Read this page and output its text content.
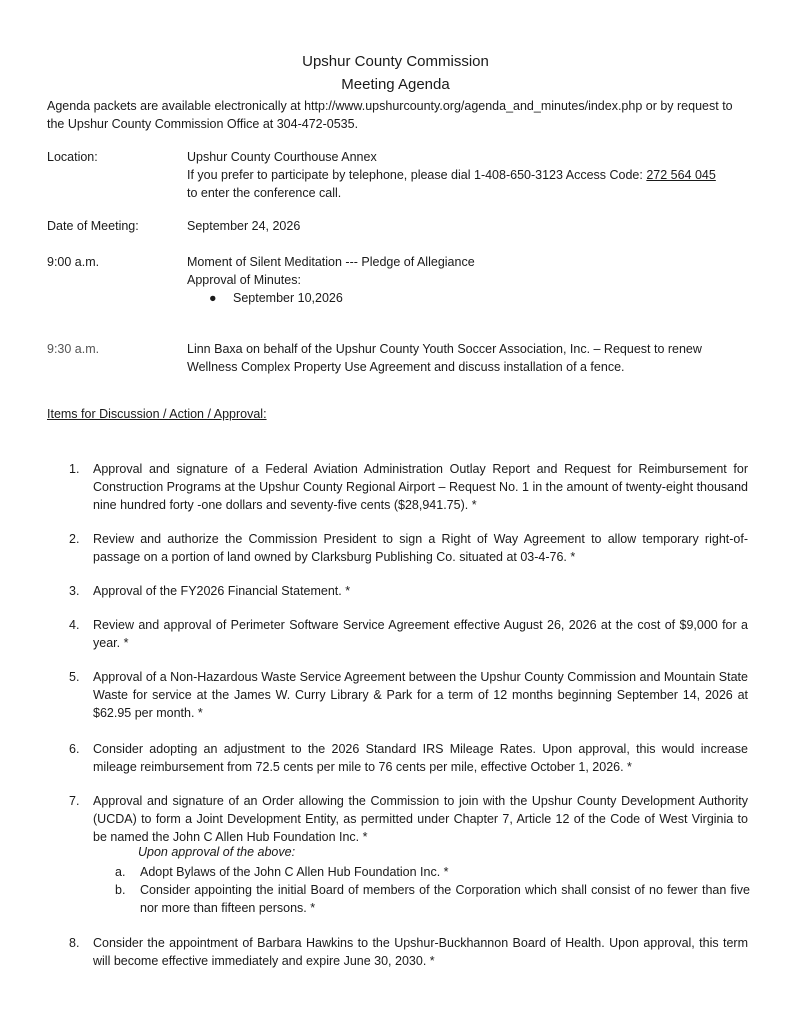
Upshur County Commission
Meeting Agenda

Agenda packets are available electronically at http://www.upshurcounty.org/agenda_and_minutes/index.php or by request to the Upshur County Commission Office at 304-472-0535.

Location:	Upshur County Courthouse Annex
If you prefer to participate by telephone, please dial 1-408-650-3123 Access Code: 272 564 045
to enter the conference call.
Date of Meeting:	September 24, 2026
9:00 a.m.	Moment of Silent Meditation --- Pledge of Allegiance
Approval of Minutes:
● September 10,2026
9:30 a.m.	Linn Baxa on behalf of the Upshur County Youth Soccer Association, Inc. – Request to renew Wellness Complex Property Use Agreement and discuss installation of a fence.
Items for Discussion / Action / Approval:
1. Approval and signature of a Federal Aviation Administration Outlay Report and Request for Reimbursement for Construction Programs at the Upshur County Regional Airport – Request No. 1 in the amount of twenty-eight thousand nine hundred forty -one dollars and seventy-five cents ($28,941.75). *
2. Review and authorize the Commission President to sign a Right of Way Agreement to allow temporary right-of-passage on a portion of land owned by Clarksburg Publishing Co. situated at 03-4-76. *
3. Approval of the FY2026 Financial Statement. *
4. Review and approval of Perimeter Software Service Agreement effective August 26, 2026 at the cost of $9,000 for a year. *
5. Approval of a Non-Hazardous Waste Service Agreement between the Upshur County Commission and Mountain State Waste for service at the James W. Curry Library & Park for a term of 12 months beginning September 14, 2026 at $62.95 per month. *
6. Consider adopting an adjustment to the 2026 Standard IRS Mileage Rates. Upon approval, this would increase mileage reimbursement from 72.5 cents per mile to 76 cents per mile, effective October 1, 2026. *
7. Approval and signature of an Order allowing the Commission to join with the Upshur County Development Authority (UCDA) to form a Joint Development Entity, as permitted under Chapter 7, Article 12 of the Code of West Virginia to be named the John C Allen Hub Foundation Inc. *
Upon approval of the above:
a. Adopt Bylaws of the John C Allen Hub Foundation Inc. *
b. Consider appointing the initial Board of members of the Corporation which shall consist of no fewer than five nor more than fifteen persons. *
8. Consider the appointment of Barbara Hawkins to the Upshur-Buckhannon Board of Health. Upon approval, this term will become effective immediately and expire June 30, 2030. *
